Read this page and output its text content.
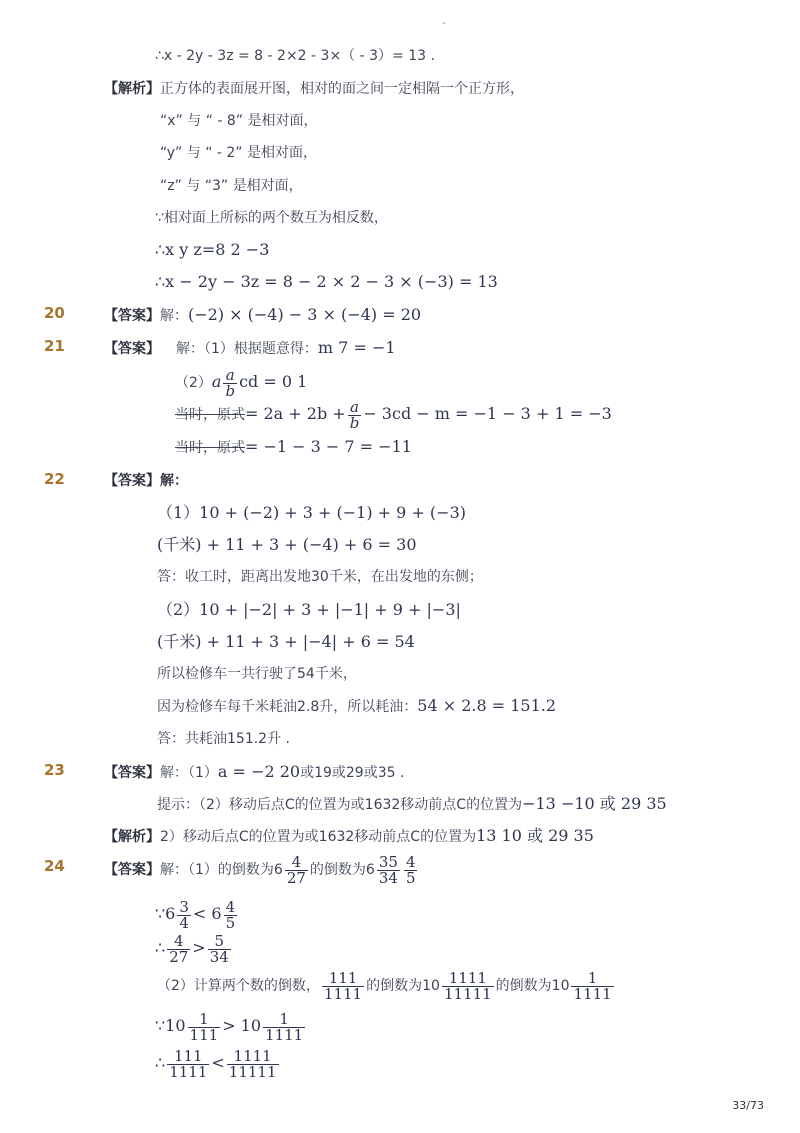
-
∴x - 2y - 3z = 8 - 2×2 - 3×（ - 3）= 13 .
【解析】正方体的表面展开图，相对的面之间一定相隔一个正方形，
“x” 与 “ - 8” 是相对面，
“y” 与 “ - 2” 是相对面，
“z” 与 “3” 是相对面，
∵相对面上所标的两个数互为相反数，
∴x y z=8 2 −3
∴x − 2y − 3z = 8 − 2 × 2 − 3 × (−3) = 13
20	【答案】解：(−2) × (−4) − 3 × (−4) = 20
21	【答案】 解：（1）根据题意得：m 7 = −1
$(2)a \frac{a}{b}$ cd = 0 1
当时，原式= $2a + 2b + \frac{a}{b} - 3cd - m = -1 - 3 + 1 = -3$
当时，原式= −1 − 3 − 7 = −11
22	【答案】解：
（1）10 + (−2) + 3 + (−1) + 9 + (−3)
(千米) + 11 + 3 + (−4) + 6 = 30
答：收工时，距离出发地30千米，在出发地的东侧；
（2）10 + |−2| + 3 + |−1| + 9 + |−3|
(千米) + 11 + 3 + |−4| + 6 = 54
所以检修车一共行驶了54千米，
因为检修车每千米耗油2.8升，所以耗油：54 × 2.8 = 151.2
答：共耗油151.2升 .
23	【答案】解：（1）a = −2 20或19或29或35 .
提示：（2）移动后点C的位置为或1632移动前点C的位置为−13 −10 或 29 35
【解析】2）移动后点C的位置为或1632移动前点C的位置为13 10 或 29 35
24	【答案】解：（1）的倒数为$6 \frac{4}{27}$ 的倒数为$6 \frac{35}{34} \frac{4}{5}$
∵6 $\frac{3}{4} < 6 \frac{4}{5}$
∴ $\frac{4}{27} > \frac{5}{34}$
（2）计算两个数的倒数， $\frac{111}{1111}$ 的倒数为$10 \frac{1111}{11111}$ 的倒数为$10 \frac{1}{1111}$
∵10 $\frac{1}{111} > 10 \frac{1}{1111}$
∴ $\frac{111}{1111} < \frac{1111}{11111}$
33/73
